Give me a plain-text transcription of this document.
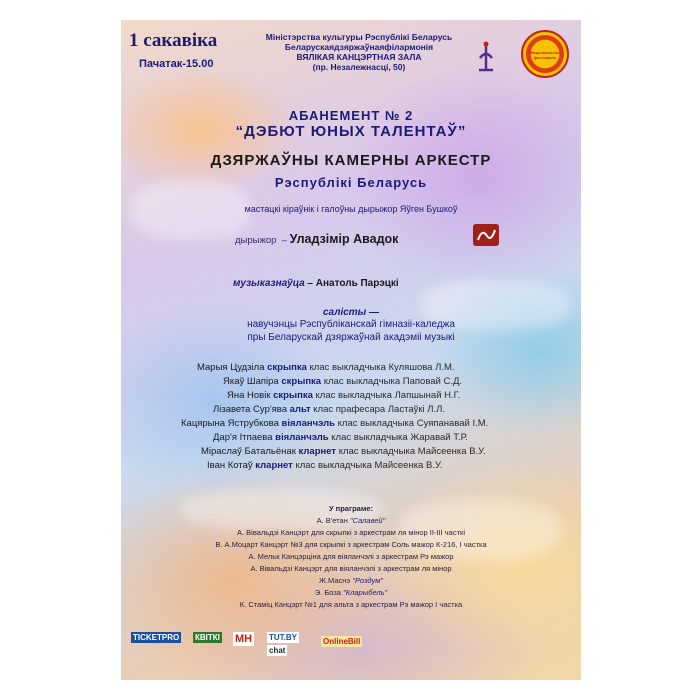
1 сакавіка
Пачатак-15.00
Міністэрства культуры Рэспублікі Беларусь
Беларускаядзяржаўнаяфілармонія
ВЯЛІКАЯ КАНЦЭРТНАЯ ЗАЛА
(пр. Незалежнасці, 50)
Нацыянальны фестываль
АБАНЕМЕНТ № 2
“ДЭБЮТ ЮНЫХ ТАЛЕНТАЎ”
ДЗЯРЖАЎНЫ КАМЕРНЫ АРКЕСТР
Рэспублікі Беларусь
мастацкі кіраўнік і галоўны дырыжор Яўген Бушкоў
дырыжор – Уладзімір Авадок
музыказнаўца – Анатоль Парэцкі
салісты —
навучэнцы Рэспубліканскай гімназіі-каледжа
пры Беларускай дзяржаўнай акадэміі музыкі
Марыя Цудзіла скрыпка клас выкладчыка Куляшова Л.М.
Якаў Шапіра скрыпка клас выкладчыка Паповай С.Д.
Яна Новік скрыпка клас выкладчыка Лапшынай Н.Г.
Лізавета Сур'ява альт клас прафесара Ластаўкі Л.Л.
Кацярына Яструбкова віяланчэль клас выкладчыка Суяпанавай І.М.
Дар'я Ітпаева віяланчэль клас выкладчыка Жаравай Т.Р.
Міраслаў Батальёнак кларнет клас выкладчыка Майсеенка В.У.
Іван Котаў кларнет клас выкладчыка Майсеенка В.У.
У праграме:
А. В'етан "Салавей"
А. Вівальдзі Канцэрт для скрыпкі з аркестрам ля мінор ІІ-ІІІ часткі
В. А.Моцарт Канцэрт №3 для скрыпкі з аркестрам Соль мажор К-216, І частка
А. Мельк Канцэрціна для віяланчэлі з аркестрам Рэ мажор
А. Вівальдзі Канцэрт для віяланчэлі з аркестрам ля мінор
Ж.Маснэ "Роздум"
Э. Боза "Кларыбель"
К. Стаміц Канцэрт №1 для альта з аркестрам Рэ мажор І частка
TICKETPRO КВІТКІ МН TUT.BY
chat
OnlineBill
